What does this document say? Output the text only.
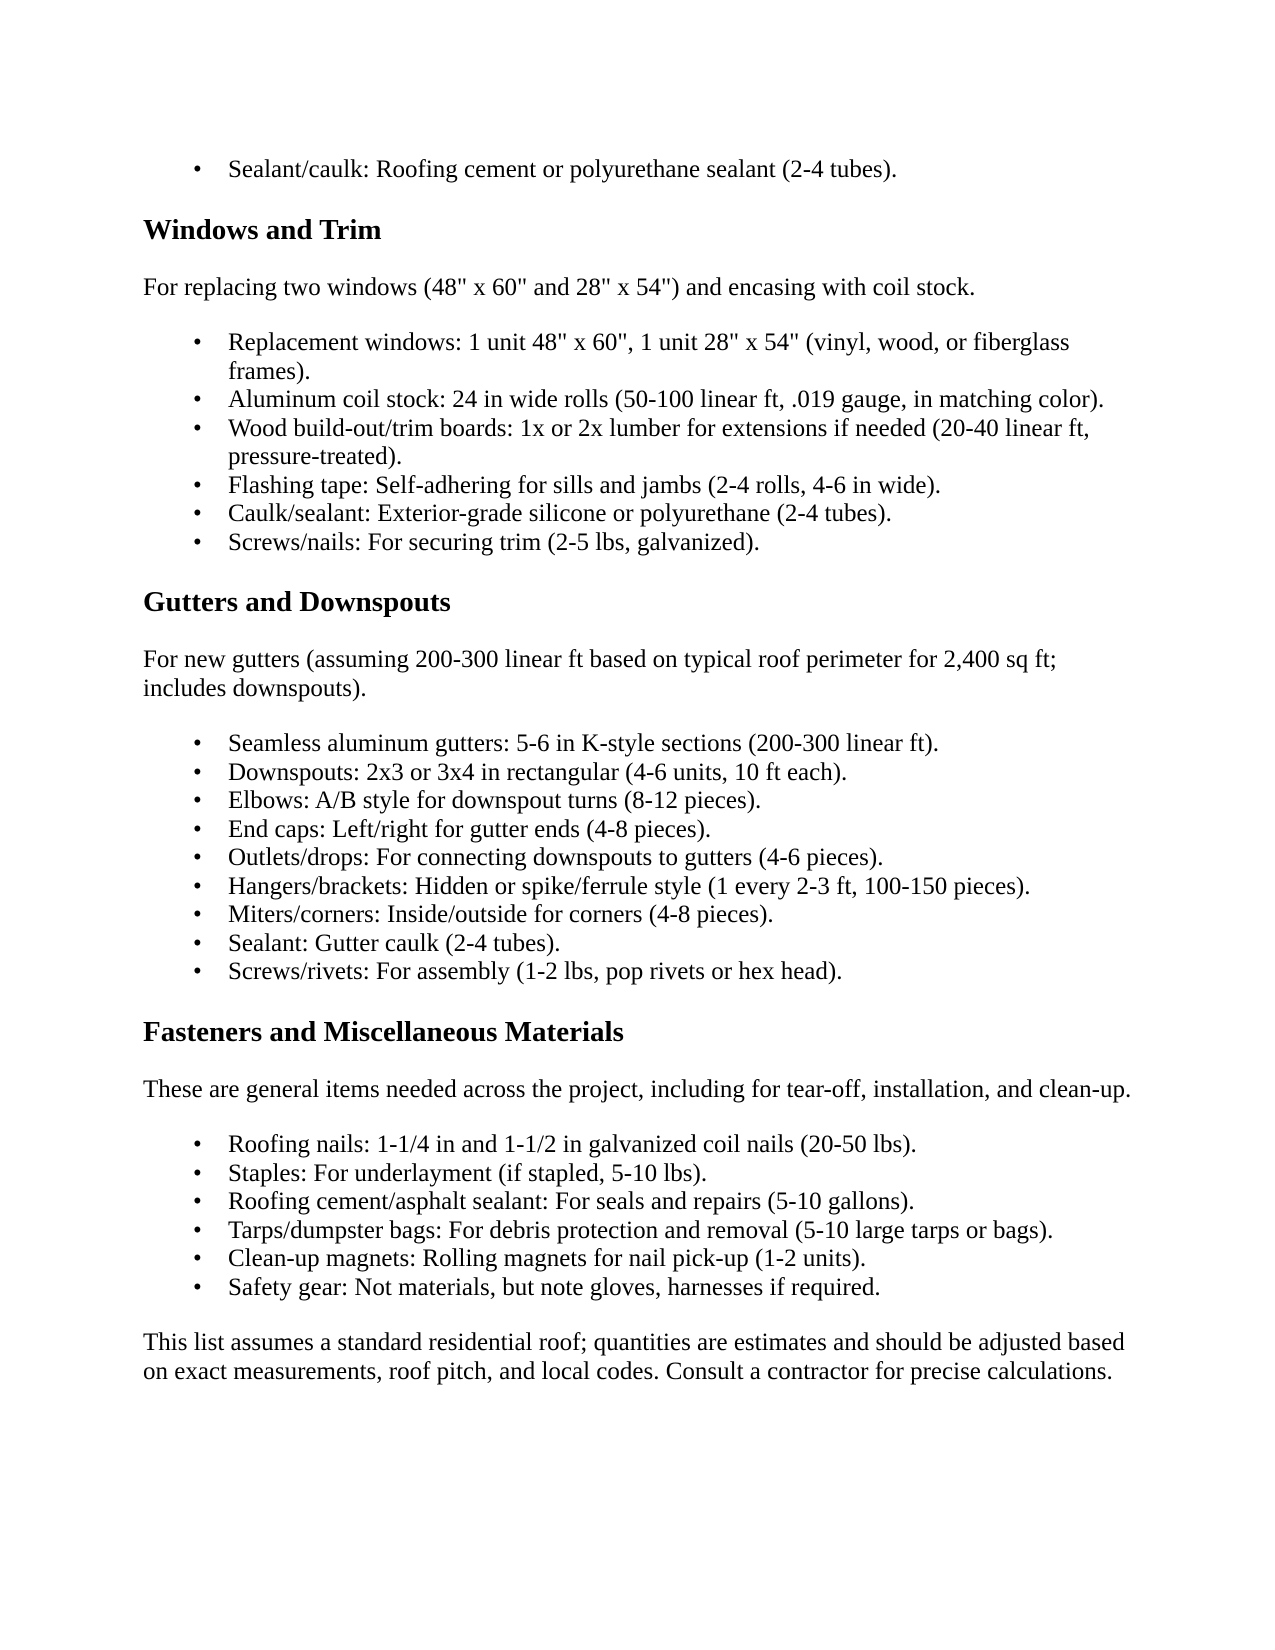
• Sealant/caulk: Roofing cement or polyurethane sealant (2-4 tubes).
Windows and Trim

For replacing two windows (48" x 60" and 28" x 54") and encasing with coil stock.

• Replacement windows: 1 unit 48" x 60", 1 unit 28" x 54" (vinyl, wood, or fiberglass frames).
• Aluminum coil stock: 24 in wide rolls (50-100 linear ft, .019 gauge, in matching color).
• Wood build-out/trim boards: 1x or 2x lumber for extensions if needed (20-40 linear ft, pressure-treated).
• Flashing tape: Self-adhering for sills and jambs (2-4 rolls, 4-6 in wide).
• Caulk/sealant: Exterior-grade silicone or polyurethane (2-4 tubes).
• Screws/nails: For securing trim (2-5 lbs, galvanized).
Gutters and Downspouts

For new gutters (assuming 200-300 linear ft based on typical roof perimeter for 2,400 sq ft; includes downspouts).

• Seamless aluminum gutters: 5-6 in K-style sections (200-300 linear ft).
• Downspouts: 2x3 or 3x4 in rectangular (4-6 units, 10 ft each).
• Elbows: A/B style for downspout turns (8-12 pieces).
• End caps: Left/right for gutter ends (4-8 pieces).
• Outlets/drops: For connecting downspouts to gutters (4-6 pieces).
• Hangers/brackets: Hidden or spike/ferrule style (1 every 2-3 ft, 100-150 pieces).
• Miters/corners: Inside/outside for corners (4-8 pieces).
• Sealant: Gutter caulk (2-4 tubes).
• Screws/rivets: For assembly (1-2 lbs, pop rivets or hex head).
Fasteners and Miscellaneous Materials

These are general items needed across the project, including for tear-off, installation, and clean-up.

• Roofing nails: 1-1/4 in and 1-1/2 in galvanized coil nails (20-50 lbs).
• Staples: For underlayment (if stapled, 5-10 lbs).
• Roofing cement/asphalt sealant: For seals and repairs (5-10 gallons).
• Tarps/dumpster bags: For debris protection and removal (5-10 large tarps or bags).
• Clean-up magnets: Rolling magnets for nail pick-up (1-2 units).
• Safety gear: Not materials, but note gloves, harnesses if required.

This list assumes a standard residential roof; quantities are estimates and should be adjusted based on exact measurements, roof pitch, and local codes. Consult a contractor for precise calculations.
